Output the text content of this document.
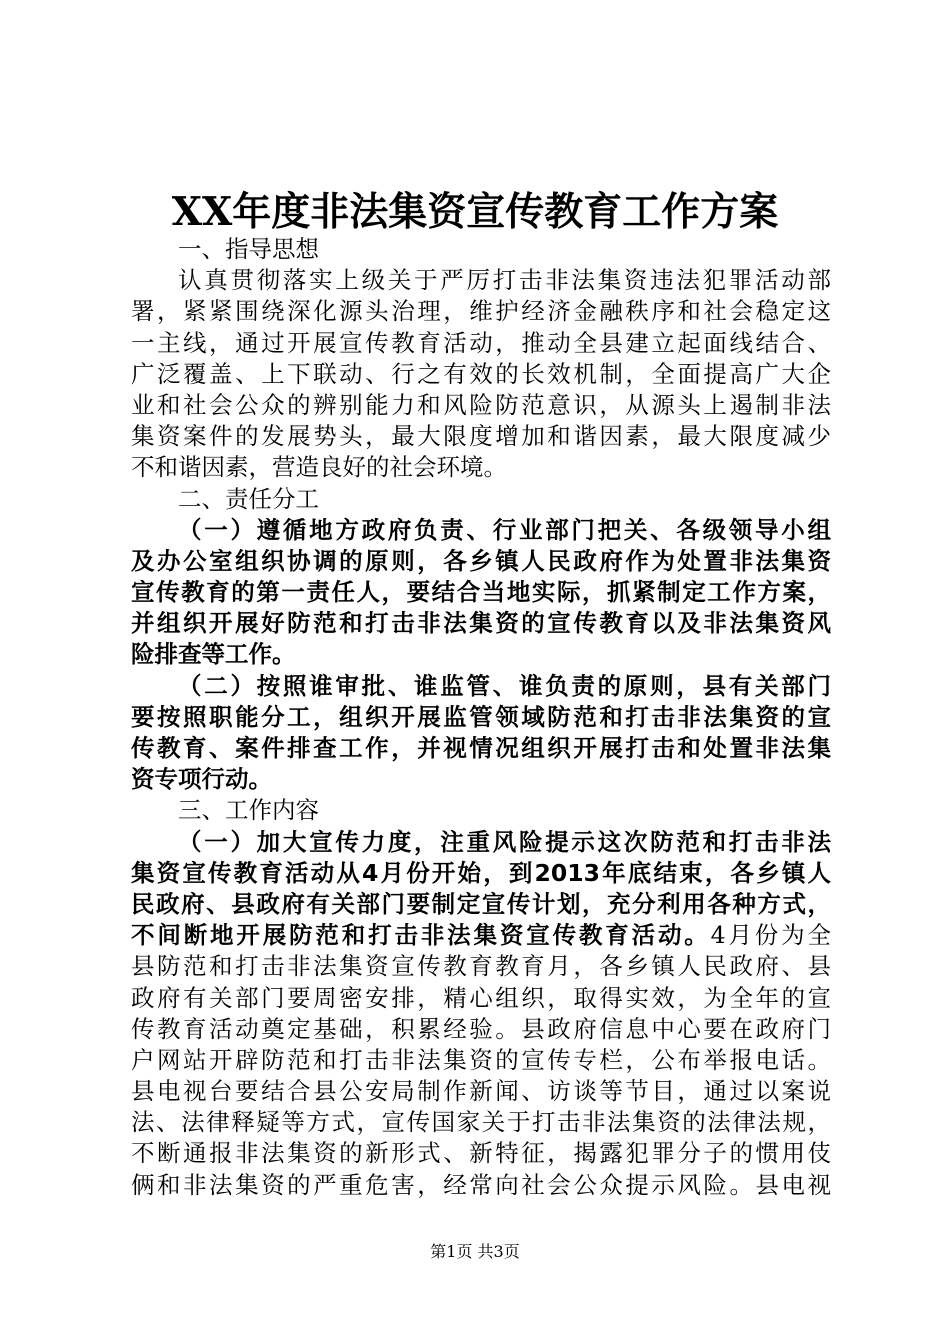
XX年度非法集资宣传教育工作方案
一、指导思想
认真贯彻落实上级关于严厉打击非法集资违法犯罪活动部
署，紧紧围绕深化源头治理，维护经济金融秩序和社会稳定这
一主线，通过开展宣传教育活动，推动全县建立起面线结合、
广泛覆盖、上下联动、行之有效的长效机制，全面提高广大企
业和社会公众的辨别能力和风险防范意识，从源头上遏制非法
集资案件的发展势头，最大限度增加和谐因素，最大限度减少
不和谐因素，营造良好的社会环境。
二、责任分工
（一）遵循地方政府负责、行业部门把关、各级领导小组
及办公室组织协调的原则，各乡镇人民政府作为处置非法集资
宣传教育的第一责任人，要结合当地实际，抓紧制定工作方案，
并组织开展好防范和打击非法集资的宣传教育以及非法集资风
险排查等工作。
（二）按照谁审批、谁监管、谁负责的原则，县有关部门
要按照职能分工，组织开展监管领域防范和打击非法集资的宣
传教育、案件排查工作，并视情况组织开展打击和处置非法集
资专项行动。
三、工作内容
（一）加大宣传力度，注重风险提示这次防范和打击非法
集资宣传教育活动从4月份开始，到2013年底结束，各乡镇人
民政府、县政府有关部门要制定宣传计划，充分利用各种方式，
不间断地开展防范和打击非法集资宣传教育活动。4月份为全
县防范和打击非法集资宣传教育教育月，各乡镇人民政府、县
政府有关部门要周密安排，精心组织，取得实效，为全年的宣
传教育活动奠定基础，积累经验。县政府信息中心要在政府门
户网站开辟防范和打击非法集资的宣传专栏，公布举报电话。
县电视台要结合县公安局制作新闻、访谈等节目，通过以案说
法、法律释疑等方式，宣传国家关于打击非法集资的法律法规，
不断通报非法集资的新形式、新特征，揭露犯罪分子的惯用伎
俩和非法集资的严重危害，经常向社会公众提示风险。县电视
第1页 共3页
